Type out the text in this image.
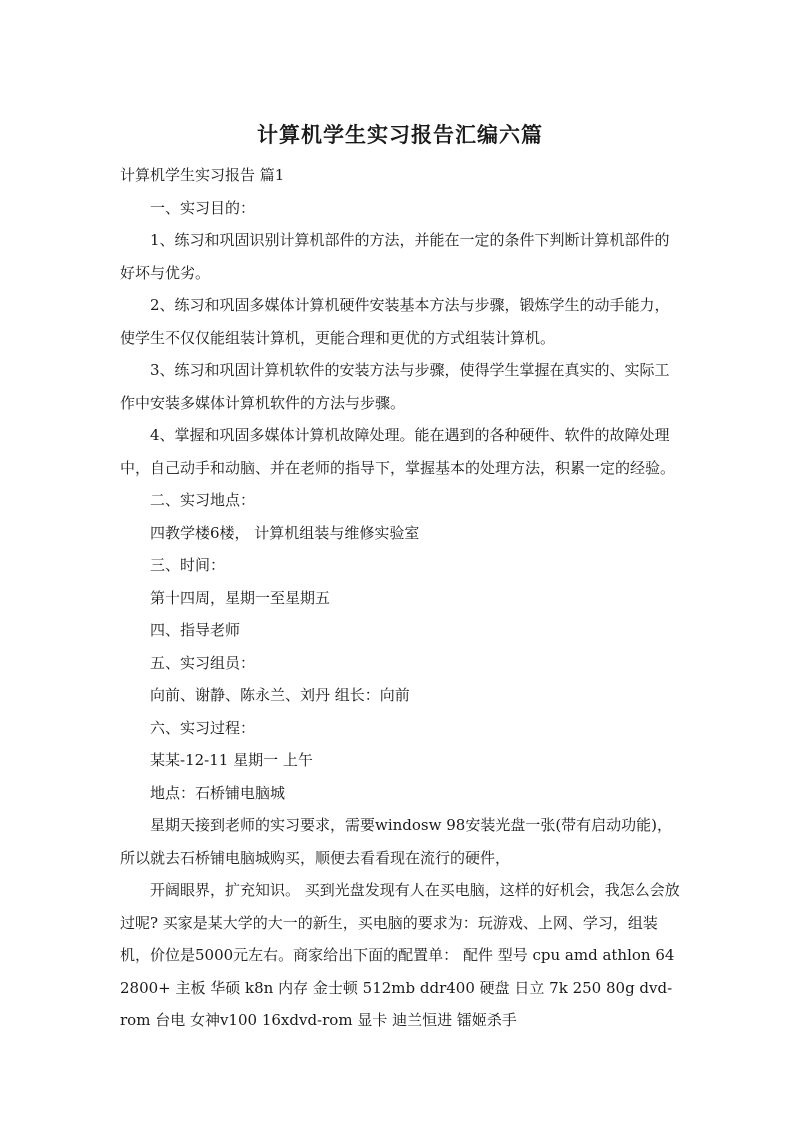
计算机学生实习报告汇编六篇

计算机学生实习报告 篇1

一、实习目的：

1、练习和巩固识别计算机部件的方法，并能在一定的条件下判断计算机部件的好坏与优劣。

2、练习和巩固多媒体计算机硬件安装基本方法与步骤，锻炼学生的动手能力，使学生不仅仅能组装计算机，更能合理和更优的方式组装计算机。

3、练习和巩固计算机软件的安装方法与步骤，使得学生掌握在真实的、实际工作中安装多媒体计算机软件的方法与步骤。

4、掌握和巩固多媒体计算机故障处理。能在遇到的各种硬件、软件的故障处理中，自己动手和动脑、并在老师的指导下，掌握基本的处理方法，积累一定的经验。

二、实习地点：

四教学楼6楼， 计算机组装与维修实验室

三、时间：

第十四周，星期一至星期五

四、指导老师

五、实习组员：

向前、谢静、陈永兰、刘丹 组长：向前

六、实习过程：

某某-12-11 星期一 上午

地点：石桥铺电脑城

星期天接到老师的实习要求，需要windosw 98安装光盘一张(带有启动功能)，所以就去石桥铺电脑城购买，顺便去看看现在流行的硬件，

开阔眼界，扩充知识。 买到光盘发现有人在买电脑，这样的好机会，我怎么会放过呢? 买家是某大学的大一的新生，买电脑的要求为：玩游戏、上网、学习，组装机，价位是5000元左右。商家给出下面的配置单： 配件 型号 cpu amd athlon 64 2800+ 主板 华硕 k8n 内存 金士顿 512mb ddr400 硬盘 日立 7k 250 80g dvd-rom 台电 女神v100 16xdvd-rom 显卡 迪兰恒进 镭姬杀手
